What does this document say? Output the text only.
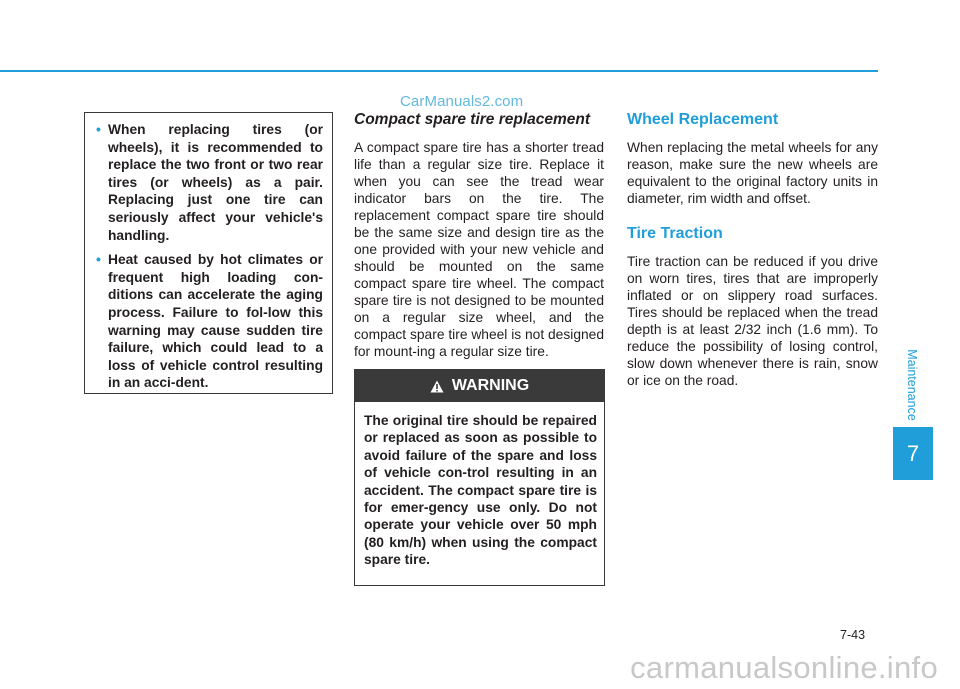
CarManuals2.com
• When replacing tires (or wheels), it is recommended to replace the two front or two rear tires (or wheels) as a pair. Replacing just one tire can seriously affect your vehicle's handling.
• Heat caused by hot climates or frequent high loading con-ditions can accelerate the aging process. Failure to fol-low this warning may cause sudden tire failure, which could lead to a loss of vehicle control resulting in an acci-dent.
Compact spare tire replacement

A compact spare tire has a shorter tread life than a regular size tire. Replace it when you can see the tread wear indicator bars on the tire. The replacement compact spare tire should be the same size and design tire as the one provided with your new vehicle and should be mounted on the same compact spare tire wheel. The compact spare tire is not designed to be mounted on a regular size wheel, and the compact spare tire wheel is not designed for mount-ing a regular size tire.

WARNING
The original tire should be repaired or replaced as soon as possible to avoid failure of the spare and loss of vehicle con-trol resulting in an accident. The compact spare tire is for emer-gency use only. Do not operate your vehicle over 50 mph (80 km/h) when using the compact spare tire.
Wheel Replacement

When replacing the metal wheels for any reason, make sure the new wheels are equivalent to the original factory units in diameter, rim width and offset.

Tire Traction

Tire traction can be reduced if you drive on worn tires, tires that are improperly inflated or on slippery road surfaces. Tires should be replaced when the tread depth is at least 2/32 inch (1.6 mm). To reduce the possibility of losing control, slow down whenever there is rain, snow or ice on the road.	Maintenance
7
7-43
carmanualsonline.info
